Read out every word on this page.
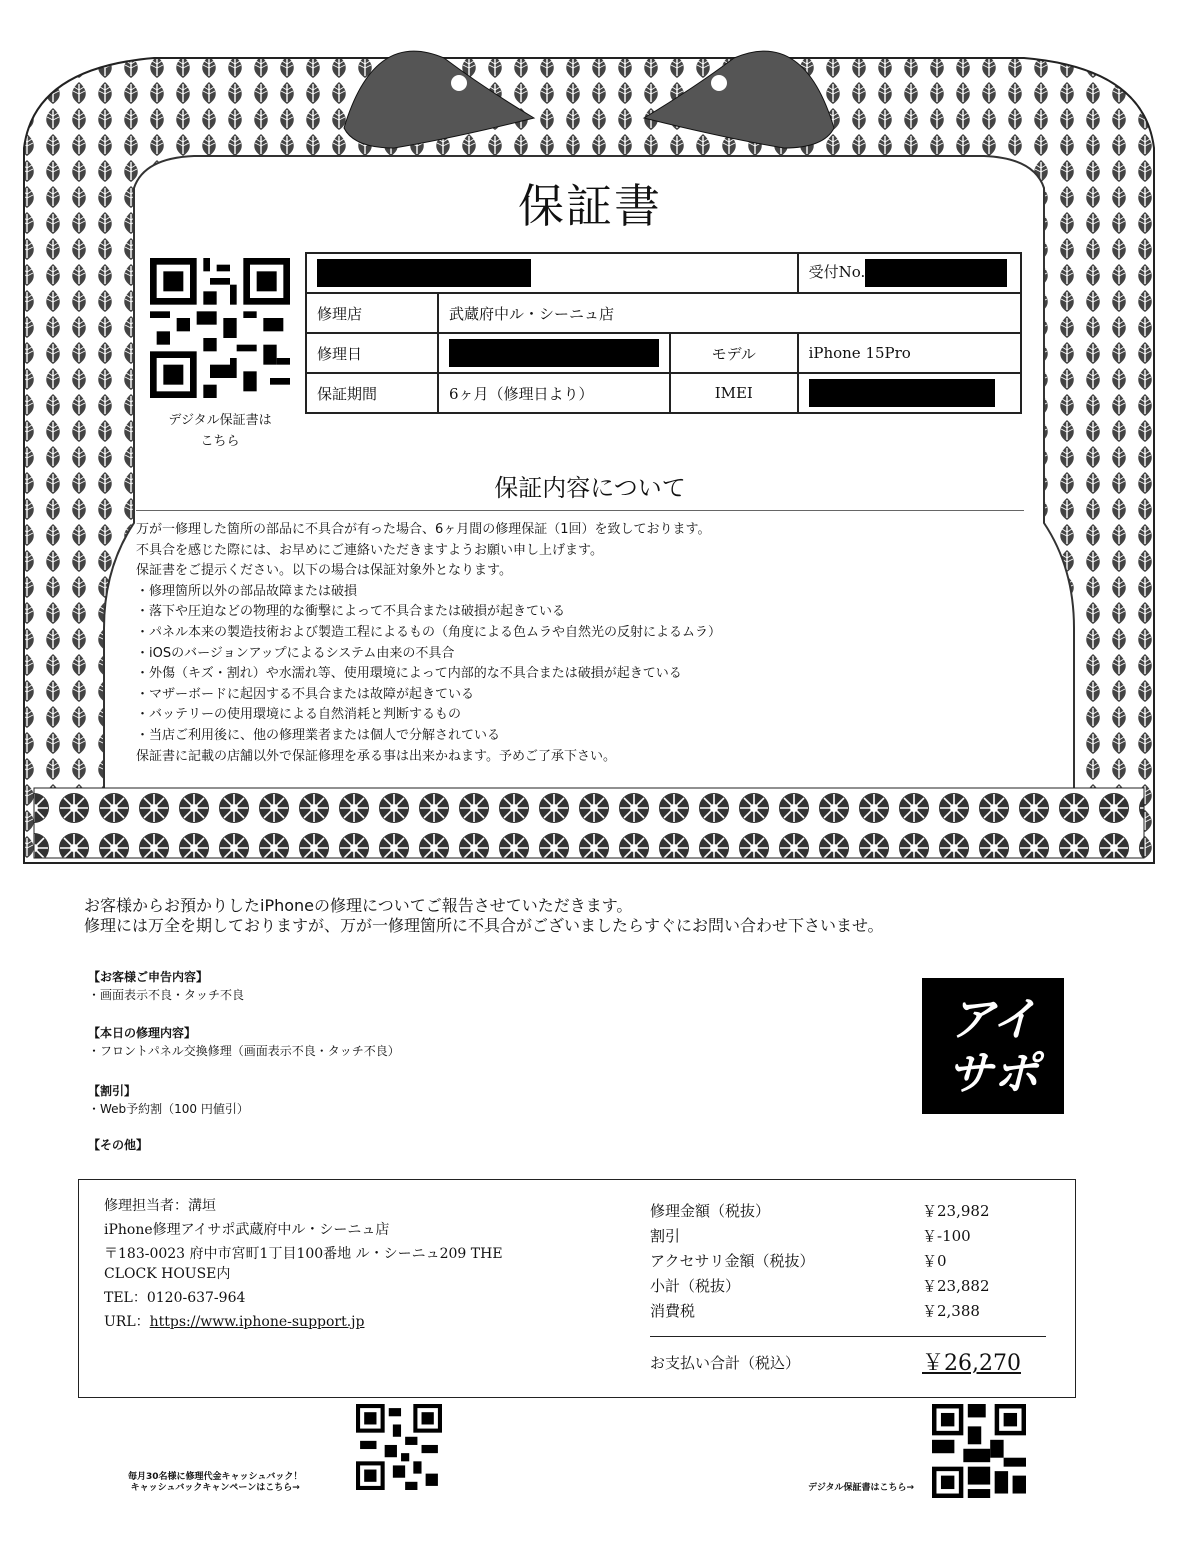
保証書
デジタル保証書は
こちら
			受付No.
修理店	武蔵府中ル・シーニュ店		
修理日		モデル	iPhone 15Pro
保証期間	6ヶ月（修理日より）	IMEI	
保証内容について

万が一修理した箇所の部品に不具合が有った場合、6ヶ月間の修理保証（1回）を致しております。

不具合を感じた際には、お早めにご連絡いただきますようお願い申し上げます。

保証書をご提示ください。以下の場合は保証対象外となります。

・修理箇所以外の部品故障または破損

・落下や圧迫などの物理的な衝撃によって不具合または破損が起きている

・パネル本来の製造技術および製造工程によるもの（角度による色ムラや自然光の反射によるムラ）

・iOSのバージョンアップによるシステム由来の不具合

・外傷（キズ・割れ）や水濡れ等、使用環境によって内部的な不具合または破損が起きている

・マザーボードに起因する不具合または故障が起きている

・バッテリーの使用環境による自然消耗と判断するもの

・当店ご利用後に、他の修理業者または個人で分解されている

保証書に記載の店舗以外で保証修理を承る事は出来かねます。予めご了承下さい。

お客様からお預かりしたiPhoneの修理についてご報告させていただきます。

修理には万全を期しておりますが、万が一修理箇所に不具合がございましたらすぐにお問い合わせ下さいませ。

【お客様ご申告内容】
・画面表示不良・タッチ不良
【本日の修理内容】
・フロントパネル交換修理（画面表示不良・タッチ不良）
【割引】
・Web予約割（100 円値引）
【その他】
アイ
サポ

修理担当者：溝垣

iPhone修理アイサポ武蔵府中ル・シーニュ店

〒183-0023 府中市宮町1丁目100番地 ル・シーニュ209 THE

CLOCK HOUSE内

TEL：0120-637-964

URL：https://www.iphone-support.jp

修理金額（税抜）	￥23,982
割引	￥-100
アクセサリ金額（税抜）	￥0
小計（税抜）	￥23,882
消費税	￥2,388
お支払い合計（税込）	￥26,270
毎月30名様に修理代金キャッシュバック！
キャッシュバックキャンペーンはこちら→	デジタル保証書はこちら→
